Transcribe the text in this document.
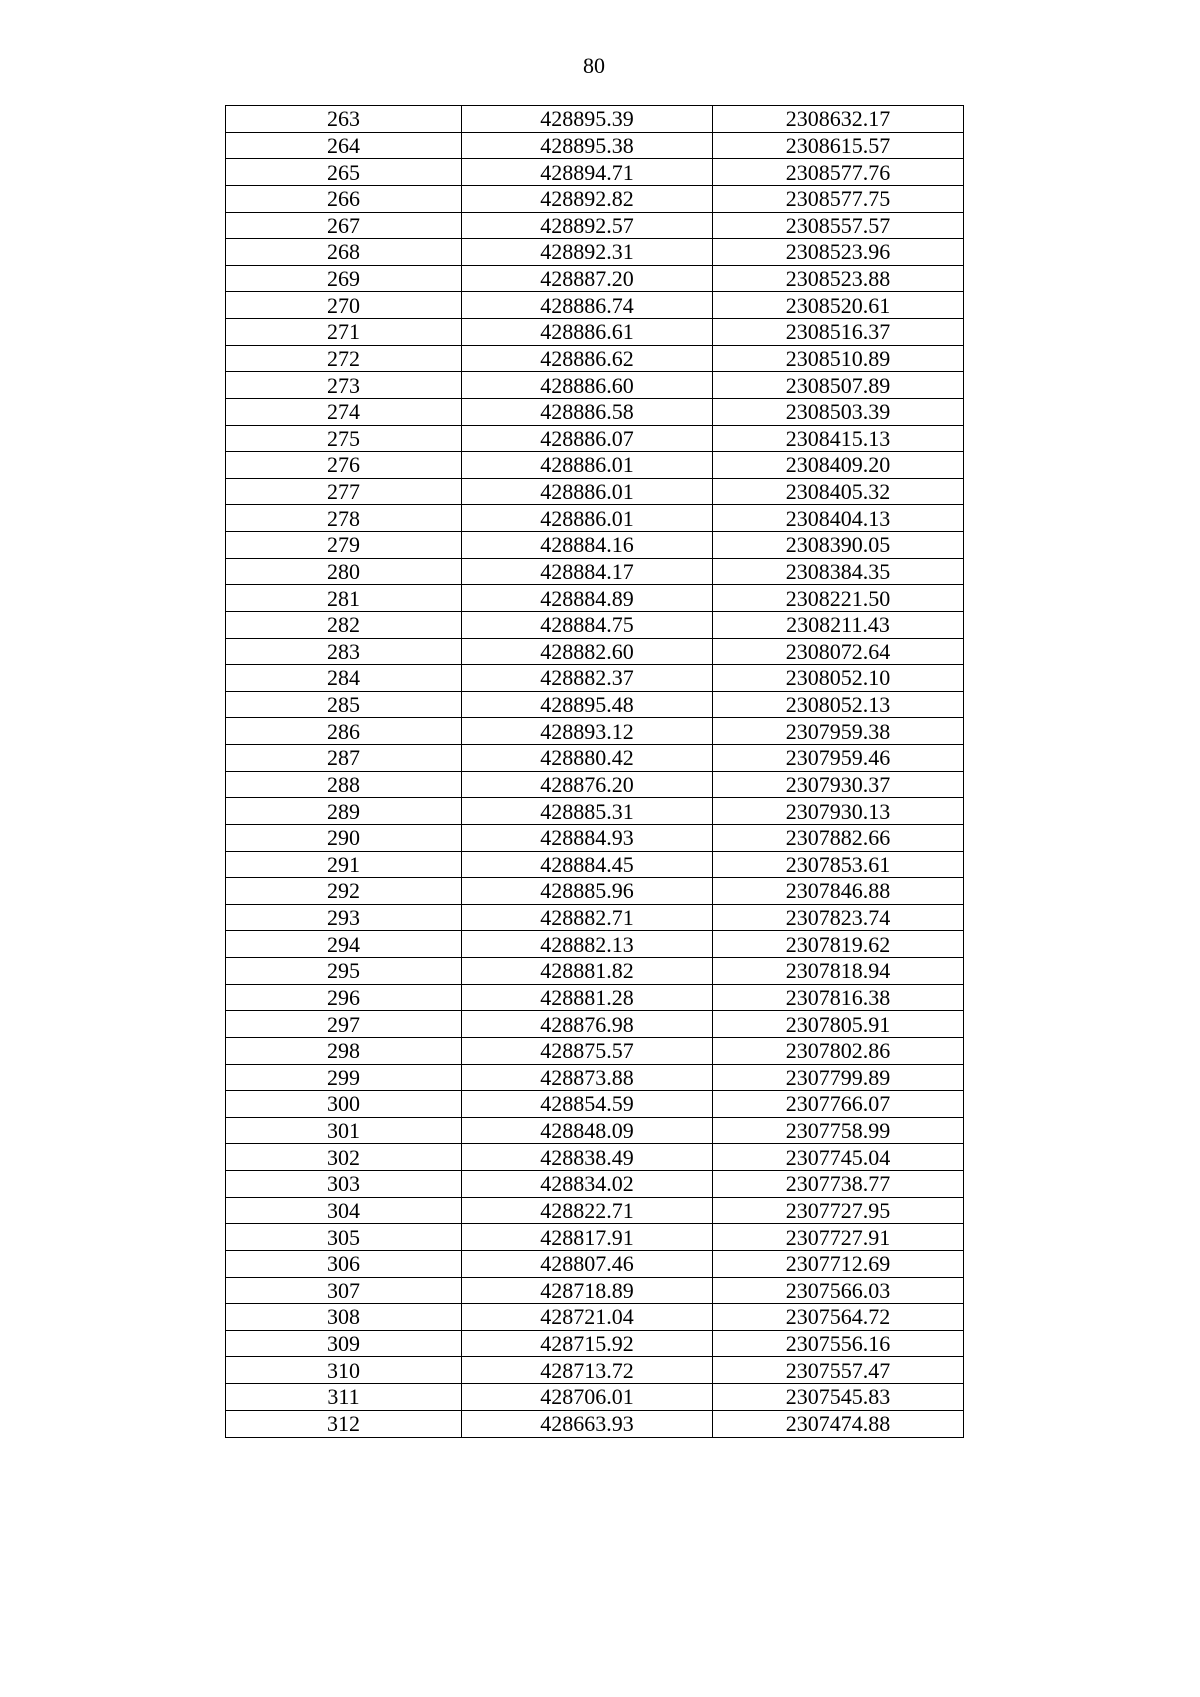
80
263	428895.39	2308632.17
264	428895.38	2308615.57
265	428894.71	2308577.76
266	428892.82	2308577.75
267	428892.57	2308557.57
268	428892.31	2308523.96
269	428887.20	2308523.88
270	428886.74	2308520.61
271	428886.61	2308516.37
272	428886.62	2308510.89
273	428886.60	2308507.89
274	428886.58	2308503.39
275	428886.07	2308415.13
276	428886.01	2308409.20
277	428886.01	2308405.32
278	428886.01	2308404.13
279	428884.16	2308390.05
280	428884.17	2308384.35
281	428884.89	2308221.50
282	428884.75	2308211.43
283	428882.60	2308072.64
284	428882.37	2308052.10
285	428895.48	2308052.13
286	428893.12	2307959.38
287	428880.42	2307959.46
288	428876.20	2307930.37
289	428885.31	2307930.13
290	428884.93	2307882.66
291	428884.45	2307853.61
292	428885.96	2307846.88
293	428882.71	2307823.74
294	428882.13	2307819.62
295	428881.82	2307818.94
296	428881.28	2307816.38
297	428876.98	2307805.91
298	428875.57	2307802.86
299	428873.88	2307799.89
300	428854.59	2307766.07
301	428848.09	2307758.99
302	428838.49	2307745.04
303	428834.02	2307738.77
304	428822.71	2307727.95
305	428817.91	2307727.91
306	428807.46	2307712.69
307	428718.89	2307566.03
308	428721.04	2307564.72
309	428715.92	2307556.16
310	428713.72	2307557.47
311	428706.01	2307545.83
312	428663.93	2307474.88
